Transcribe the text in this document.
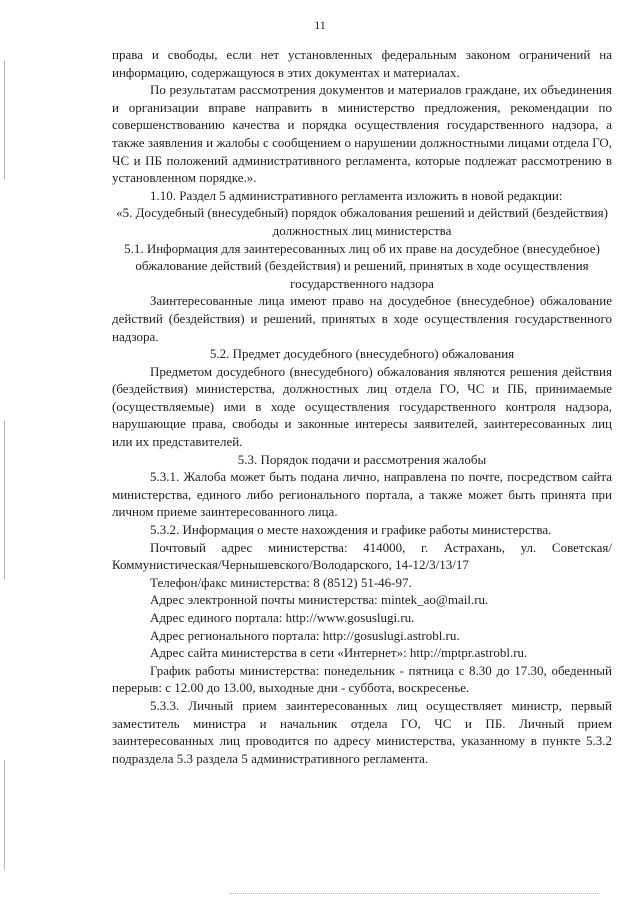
11

права и свободы, если нет установленных федеральным законом ограничений на информацию, содержащуюся в этих документах и материалах.

По результатам рассмотрения документов и материалов граждане, их объединения и организации вправе направить в министерство предложения, рекомендации по совершенствованию качества и порядка осуществления государственного надзора, а также заявления и жалобы с сообщением о нарушении должностными лицами отдела ГО, ЧС и ПБ положений административного регламента, которые подлежат рассмотрению в установленном порядке.».

1.10. Раздел 5 административного регламента изложить в новой редакции:

«5. Досудебный (внесудебный) порядок обжалования решений и действий (бездействия) должностных лиц министерства

5.1. Информация для заинтересованных лиц об их праве на досудебное (внесудебное) обжалование действий (бездействия) и решений, принятых в ходе осуществления государственного надзора

Заинтересованные лица имеют право на досудебное (внесудебное) обжалование действий (бездействия) и решений, принятых в ходе осуществления государственного надзора.

5.2. Предмет досудебного (внесудебного) обжалования

Предметом досудебного (внесудебного) обжалования являются решения действия (бездействия) министерства, должностных лиц отдела ГО, ЧС и ПБ, принимаемые (осуществляемые) ими в ходе осуществления государственного контроля надзора, нарушающие права, свободы и законные интересы заявителей, заинтересованных лиц или их представителей.

5.3. Порядок подачи и рассмотрения жалобы

5.3.1. Жалоба может быть подана лично, направлена по почте, посредством сайта министерства, единого либо регионального портала, а также может быть принята при личном приеме заинтересованного лица.

5.3.2. Информация о месте нахождения и графике работы министерства.

Почтовый адрес министерства: 414000, г. Астрахань, ул. Советская/Коммунистическая/Чернышевского/Володарского, 14-12/3/13/17

Телефон/факс министерства: 8 (8512) 51-46-97.

Адрес электронной почты министерства: mintek_ao@mail.ru.

Адрес единого портала: http://www.gosuslugi.ru.

Адрес регионального портала: http://gosuslugi.astrobl.ru.

Адрес сайта министерства в сети «Интернет»: http://mptpr.astrobl.ru.

График работы министерства: понедельник - пятница с 8.30 до 17.30, обеденный перерыв: с 12.00 до 13.00, выходные дни - суббота, воскресенье.

5.3.3. Личный прием заинтересованных лиц осуществляет министр, первый заместитель министра и начальник отдела ГО, ЧС и ПБ. Личный прием заинтересованных лиц проводится по адресу министерства, указанному в пункте 5.3.2 подраздела 5.3 раздела 5 административного регламента.
